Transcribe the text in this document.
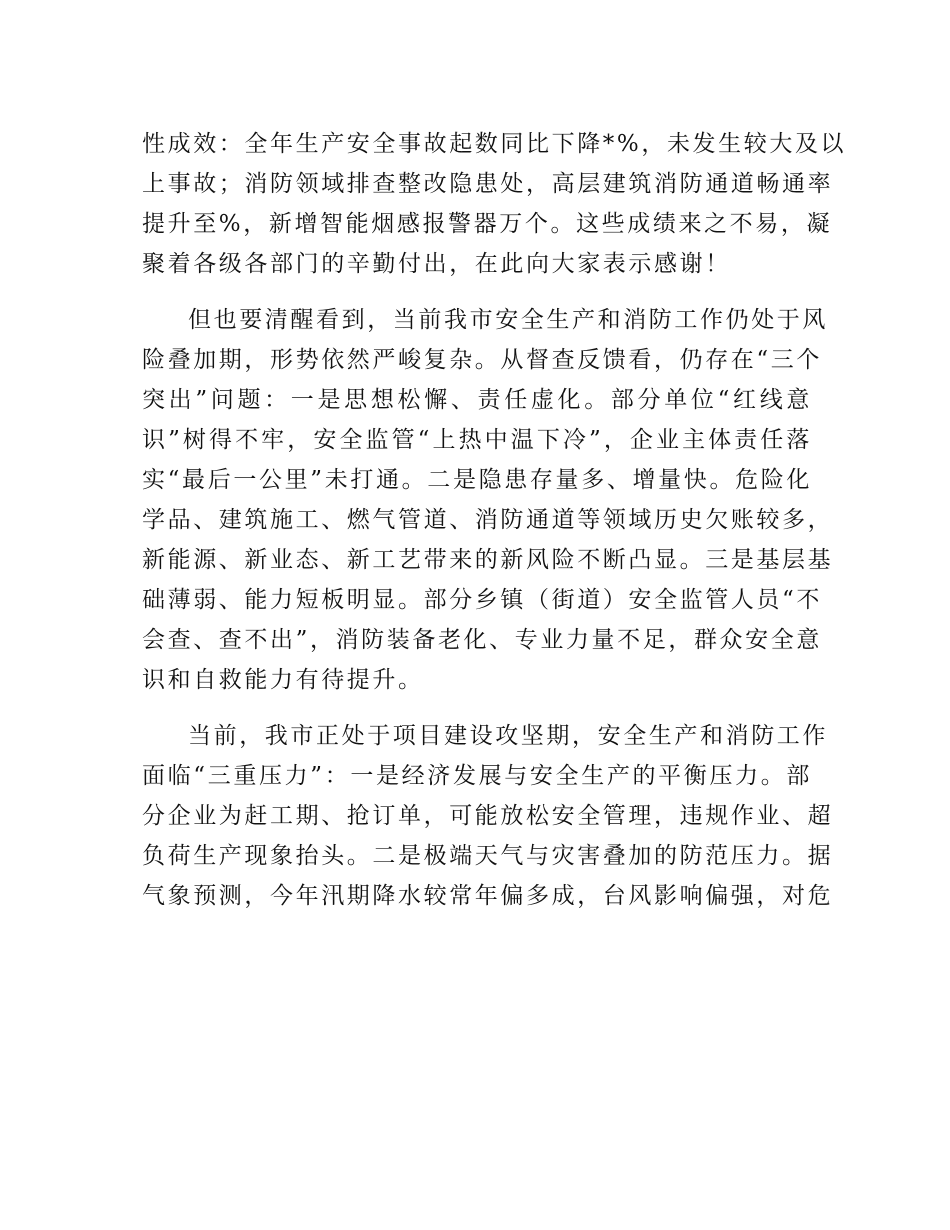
性成效：全年生产安全事故起数同比下降*%，未发生较大及以
上事故；消防领域排查整改隐患处，高层建筑消防通道畅通率
提升至%，新增智能烟感报警器万个。这些成绩来之不易，凝
聚着各级各部门的辛勤付出，在此向大家表示感谢！
但也要清醒看到，当前我市安全生产和消防工作仍处于风
险叠加期，形势依然严峻复杂。从督查反馈看，仍存在“三个
突出”问题：一是思想松懈、责任虚化。部分单位“红线意
识”树得不牢，安全监管“上热中温下冷”，企业主体责任落
实“最后一公里”未打通。二是隐患存量多、增量快。危险化
学品、建筑施工、燃气管道、消防通道等领域历史欠账较多，
新能源、新业态、新工艺带来的新风险不断凸显。三是基层基
础薄弱、能力短板明显。部分乡镇（街道）安全监管人员“不
会查、查不出”，消防装备老化、专业力量不足，群众安全意
识和自救能力有待提升。
当前，我市正处于项目建设攻坚期，安全生产和消防工作
面临“三重压力”：一是经济发展与安全生产的平衡压力。部
分企业为赶工期、抢订单，可能放松安全管理，违规作业、超
负荷生产现象抬头。二是极端天气与灾害叠加的防范压力。据
气象预测，今年汛期降水较常年偏多成，台风影响偏强，对危
